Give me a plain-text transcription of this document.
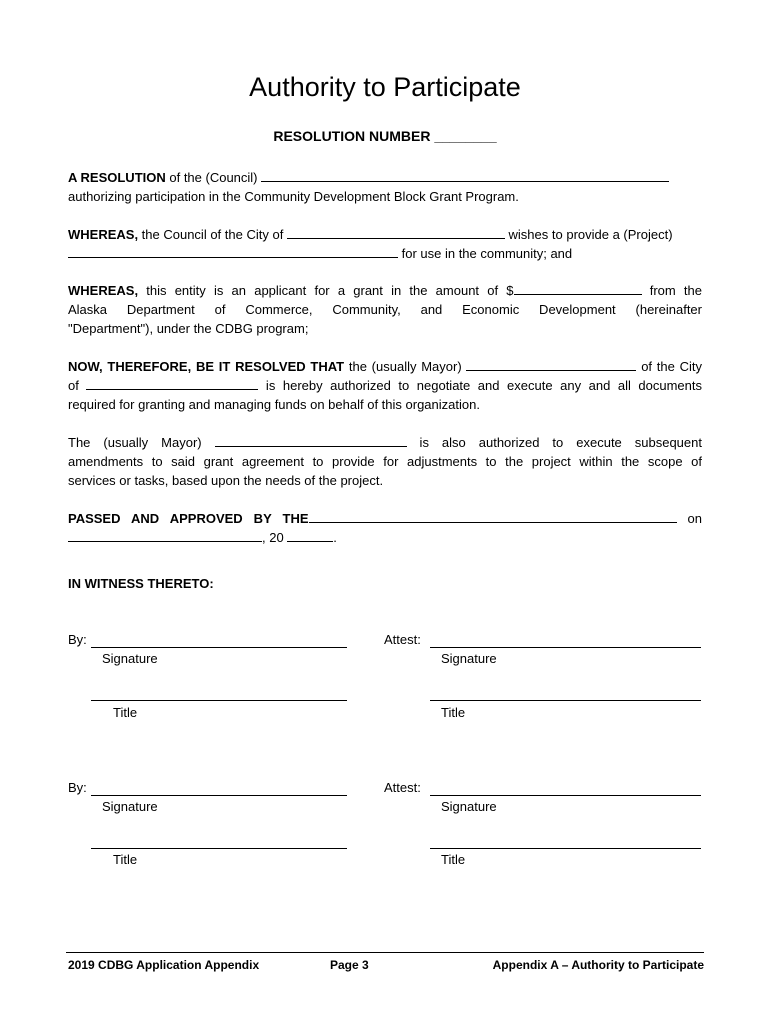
Authority to Participate
RESOLUTION NUMBER ________
A RESOLUTION of the (Council)
authorizing participation in the Community Development Block Grant Program.
WHEREAS, the Council of the City of	wishes to provide a (Project)
for use in the community; and
WHEREAS, this entity is an applicant for a grant in the amount of $	from the
Alaska Department of Commerce, Community, and Economic Development (hereinafter
"Department"), under the CDBG program;
NOW, THEREFORE, BE IT RESOLVED THAT the (usually Mayor)	of the City
of	is hereby authorized to negotiate and execute any and all documents
required for granting and managing funds on behalf of this organization.
The (usually Mayor)	is also authorized to execute subsequent
amendments to said grant agreement to provide for adjustments to the project within the scope of
services or tasks, based upon the needs of the project.
PASSED AND APPROVED BY THE	on
, 20	.
IN WITNESS THERETO:
By:
Signature
Title
Attest:
Signature
Title
By:
Signature
Title
Attest:
Signature
Title
2019 CDBG Application Appendix	Page 3	Appendix A – Authority to Participate
